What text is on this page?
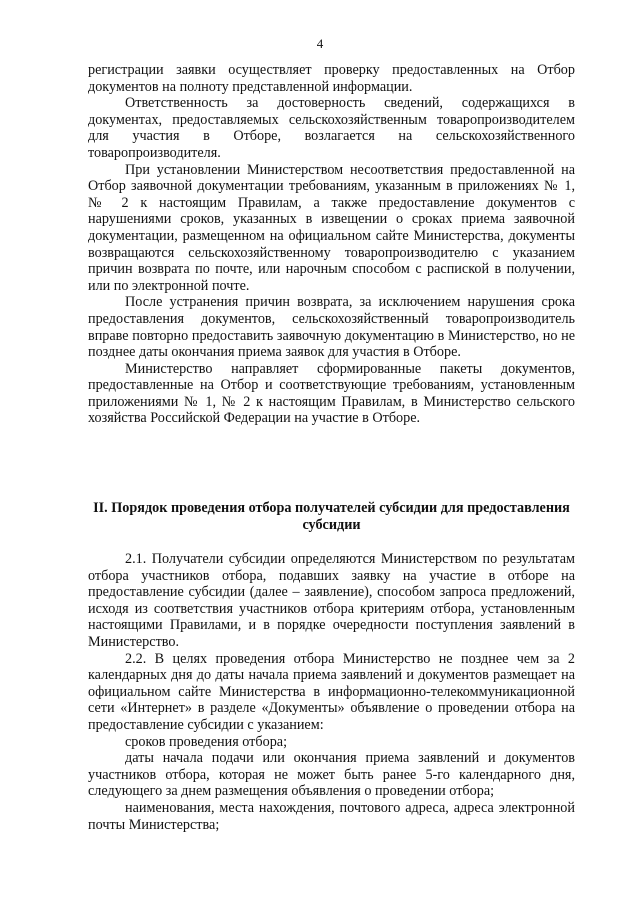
4

регистрации заявки осуществляет проверку предоставленных на Отбор документов на полноту представленной информации.

Ответственность за достоверность сведений, содержащихся в документах, предоставляемых сельскохозяйственным товаропроизводителем для участия в Отборе, возлагается на сельскохозяйственного товаропроизводителя.

При установлении Министерством несоответствия предоставленной на Отбор заявочной документации требованиям, указанным в приложениях № 1, № 2 к настоящим Правилам, а также предоставление документов с нарушениями сроков, указанных в извещении о сроках приема заявочной документации, размещенном на официальном сайте Министерства, документы возвращаются сельскохозяйственному товаропроизводителю с указанием причин возврата по почте, или нарочным способом с распиской в получении, или по электронной почте.

После устранения причин возврата, за исключением нарушения срока предоставления документов, сельскохозяйственный товаропроизводитель вправе повторно предоставить заявочную документацию в Министерство, но не позднее даты окончания приема заявок для участия в Отборе.

Министерство направляет сформированные пакеты документов, предоставленные на Отбор и соответствующие требованиям, установленным приложениями № 1, № 2 к настоящим Правилам, в Министерство сельского хозяйства Российской Федерации на участие в Отборе.

II. Порядок проведения отбора получателей субсидии для предоставления субсидии

2.1. Получатели субсидии определяются Министерством по результатам отбора участников отбора, подавших заявку на участие в отборе на предоставление субсидии (далее – заявление), способом запроса предложений, исходя из соответствия участников отбора критериям отбора, установленным настоящими Правилами, и в порядке очередности поступления заявлений в Министерство.

2.2. В целях проведения отбора Министерство не позднее чем за 2 календарных дня до даты начала приема заявлений и документов размещает на официальном сайте Министерства в информационно-телекоммуникационной сети «Интернет» в разделе «Документы» объявление о проведении отбора на предоставление субсидии с указанием:

сроков проведения отбора;

даты начала подачи или окончания приема заявлений и документов участников отбора, которая не может быть ранее 5-го календарного дня, следующего за днем размещения объявления о проведении отбора;

наименования, места нахождения, почтового адреса, адреса электронной почты Министерства;
